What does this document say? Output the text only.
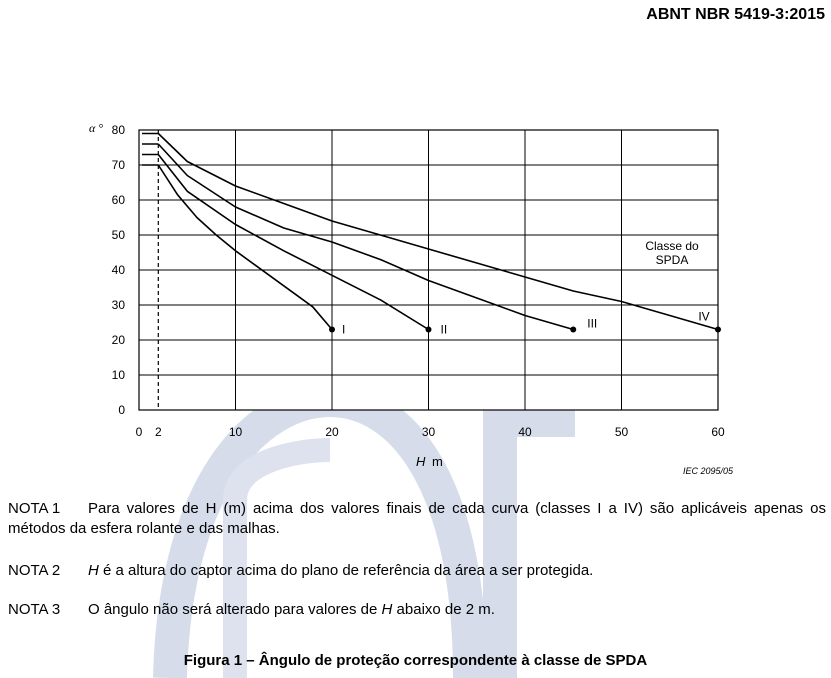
ABNT NBR 5419-3:2015
0
10
20
30
40
50
60
70
80
0 2	10	20	30	40	50	60
I	II	III	IV
Classe do
SPDA
α °
H m
IEC 2095/05
NOTA 1 Para valores de H (m) acima dos valores finais de cada curva (classes I a IV) são aplicáveis apenas os métodos da esfera rolante e das malhas.
NOTA 2 H é a altura do captor acima do plano de referência da área a ser protegida.
NOTA 3 O ângulo não será alterado para valores de H abaixo de 2 m.
Figura 1 – Ângulo de proteção correspondente à classe de SPDA
